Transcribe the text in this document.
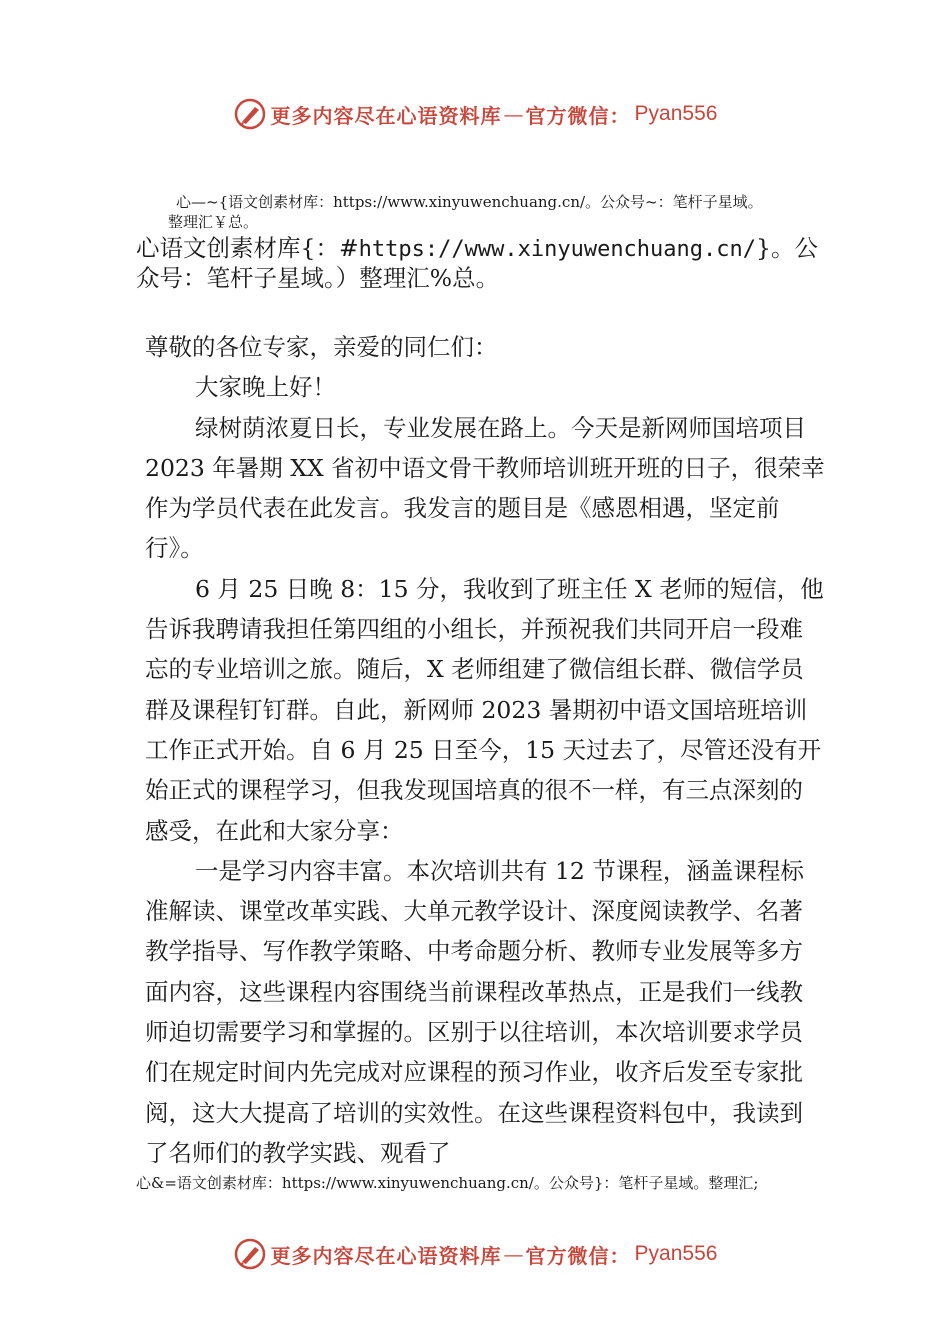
更多内容尽在心语资料库 — 官方微信： Pyan556
心—~{语文创素材库：https://www.xinyuwenchuang.cn/。公众号~：笔杆子星域。
整理汇￥总。
心语文创素材库{：#https://www.xinyuwenchuang.cn/}。公
众号：笔杆子星域。）整理汇%总。

尊敬的各位专家，亲爱的同仁们：

大家晚上好！

绿树荫浓夏日长，专业发展在路上。今天是新网师国培项目 2023 年暑期 XX 省初中语文骨干教师培训班开班的日子，很荣幸作为学员代表在此发言。我发言的题目是《感恩相遇，坚定前行》。

6 月 25 日晚 8：15 分，我收到了班主任 X 老师的短信，他告诉我聘请我担任第四组的小组长，并预祝我们共同开启一段难忘的专业培训之旅。随后，X 老师组建了微信组长群、微信学员群及课程钉钉群。自此，新网师 2023 暑期初中语文国培班培训工作正式开始。自 6 月 25 日至今，15 天过去了，尽管还没有开始正式的课程学习，但我发现国培真的很不一样，有三点深刻的感受，在此和大家分享：

一是学习内容丰富。本次培训共有 12 节课程，涵盖课程标准解读、课堂改革实践、大单元教学设计、深度阅读教学、名著教学指导、写作教学策略、中考命题分析、教师专业发展等多方面内容，这些课程内容围绕当前课程改革热点，正是我们一线教师迫切需要学习和掌握的。区别于以往培训，本次培训要求学员们在规定时间内先完成对应课程的预习作业，收齐后发至专家批阅，这大大提高了培训的实效性。在这些课程资料包中，我读到了名师们的教学实践、观看了

心&=语文创素材库：https://www.xinyuwenchuang.cn/。公众号}：笔杆子星域。整理汇;
更多内容尽在心语资料库 — 官方微信： Pyan556
